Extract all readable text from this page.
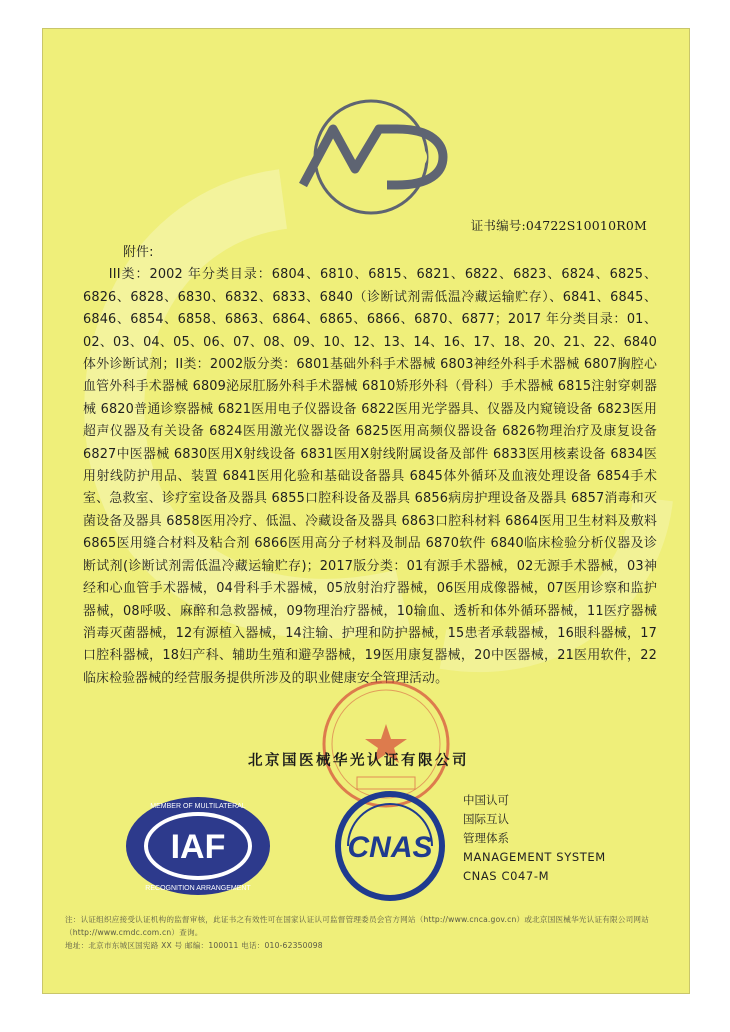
证书编号:04722S10010R0M
附件:
III类：2002 年分类目录：6804、6810、6815、6821、6822、6823、6824、6825、6826、6828、6830、6832、6833、6840（诊断试剂需低温冷藏运输贮存）、6841、6845、6846、6854、6858、6863、6864、6865、6866、6870、6877；2017 年分类目录：01、02、03、04、05、06、07、08、09、10、12、13、14、16、17、18、20、21、22、6840 体外诊断试剂；II类：2002版分类：6801基础外科手术器械 6803神经外科手术器械 6807胸腔心血管外科手术器械 6809泌尿肛肠外科手术器械 6810矫形外科（骨科）手术器械 6815注射穿刺器械 6820普通诊察器械 6821医用电子仪器设备 6822医用光学器具、仪器及内窥镜设备 6823医用超声仪器及有关设备 6824医用激光仪器设备 6825医用高频仪器设备 6826物理治疗及康复设备 6827中医器械 6830医用X射线设备 6831医用X射线附属设备及部件 6833医用核素设备 6834医用射线防护用品、装置 6841医用化验和基础设备器具 6845体外循环及血液处理设备 6854手术室、急救室、诊疗室设备及器具 6855口腔科设备及器具 6856病房护理设备及器具 6857消毒和灭菌设备及器具 6858医用冷疗、低温、冷藏设备及器具 6863口腔科材料 6864医用卫生材料及敷料 6865医用缝合材料及粘合剂 6866医用高分子材料及制品 6870软件 6840临床检验分析仪器及诊断试剂(诊断试剂需低温冷藏运输贮存)；2017版分类：01有源手术器械，02无源手术器械，03神经和心血管手术器械，04骨科手术器械，05放射治疗器械，06医用成像器械，07医用诊察和监护器械，08呼吸、麻醉和急救器械，09物理治疗器械，10输血、透析和体外循环器械，11医疗器械消毒灭菌器械，12有源植入器械，14注输、护理和防护器械，15患者承载器械，16眼科器械，17口腔科器械，18妇产科、辅助生殖和避孕器械，19医用康复器械，20中医器械，21医用软件，22临床检验器械的经营服务提供所涉及的职业健康安全管理活动。
北京国医械华光认证有限公司
IAF
MEMBER OF MULTILATERAL
RECOGNITION ARRANGEMENT
CNAS
中国认可
国际互认
管理体系
MANAGEMENT SYSTEM
CNAS C047-M
注：认证组织应接受认证机构的监督审核，此证书之有效性可在国家认证认可监督管理委员会官方网站（http://www.cnca.gov.cn）或北京国医械华光认证有限公司网站（http://www.cmdc.com.cn）查询。
地址：北京市东城区国宪路 XX 号 邮编：100011 电话：010-62350098
